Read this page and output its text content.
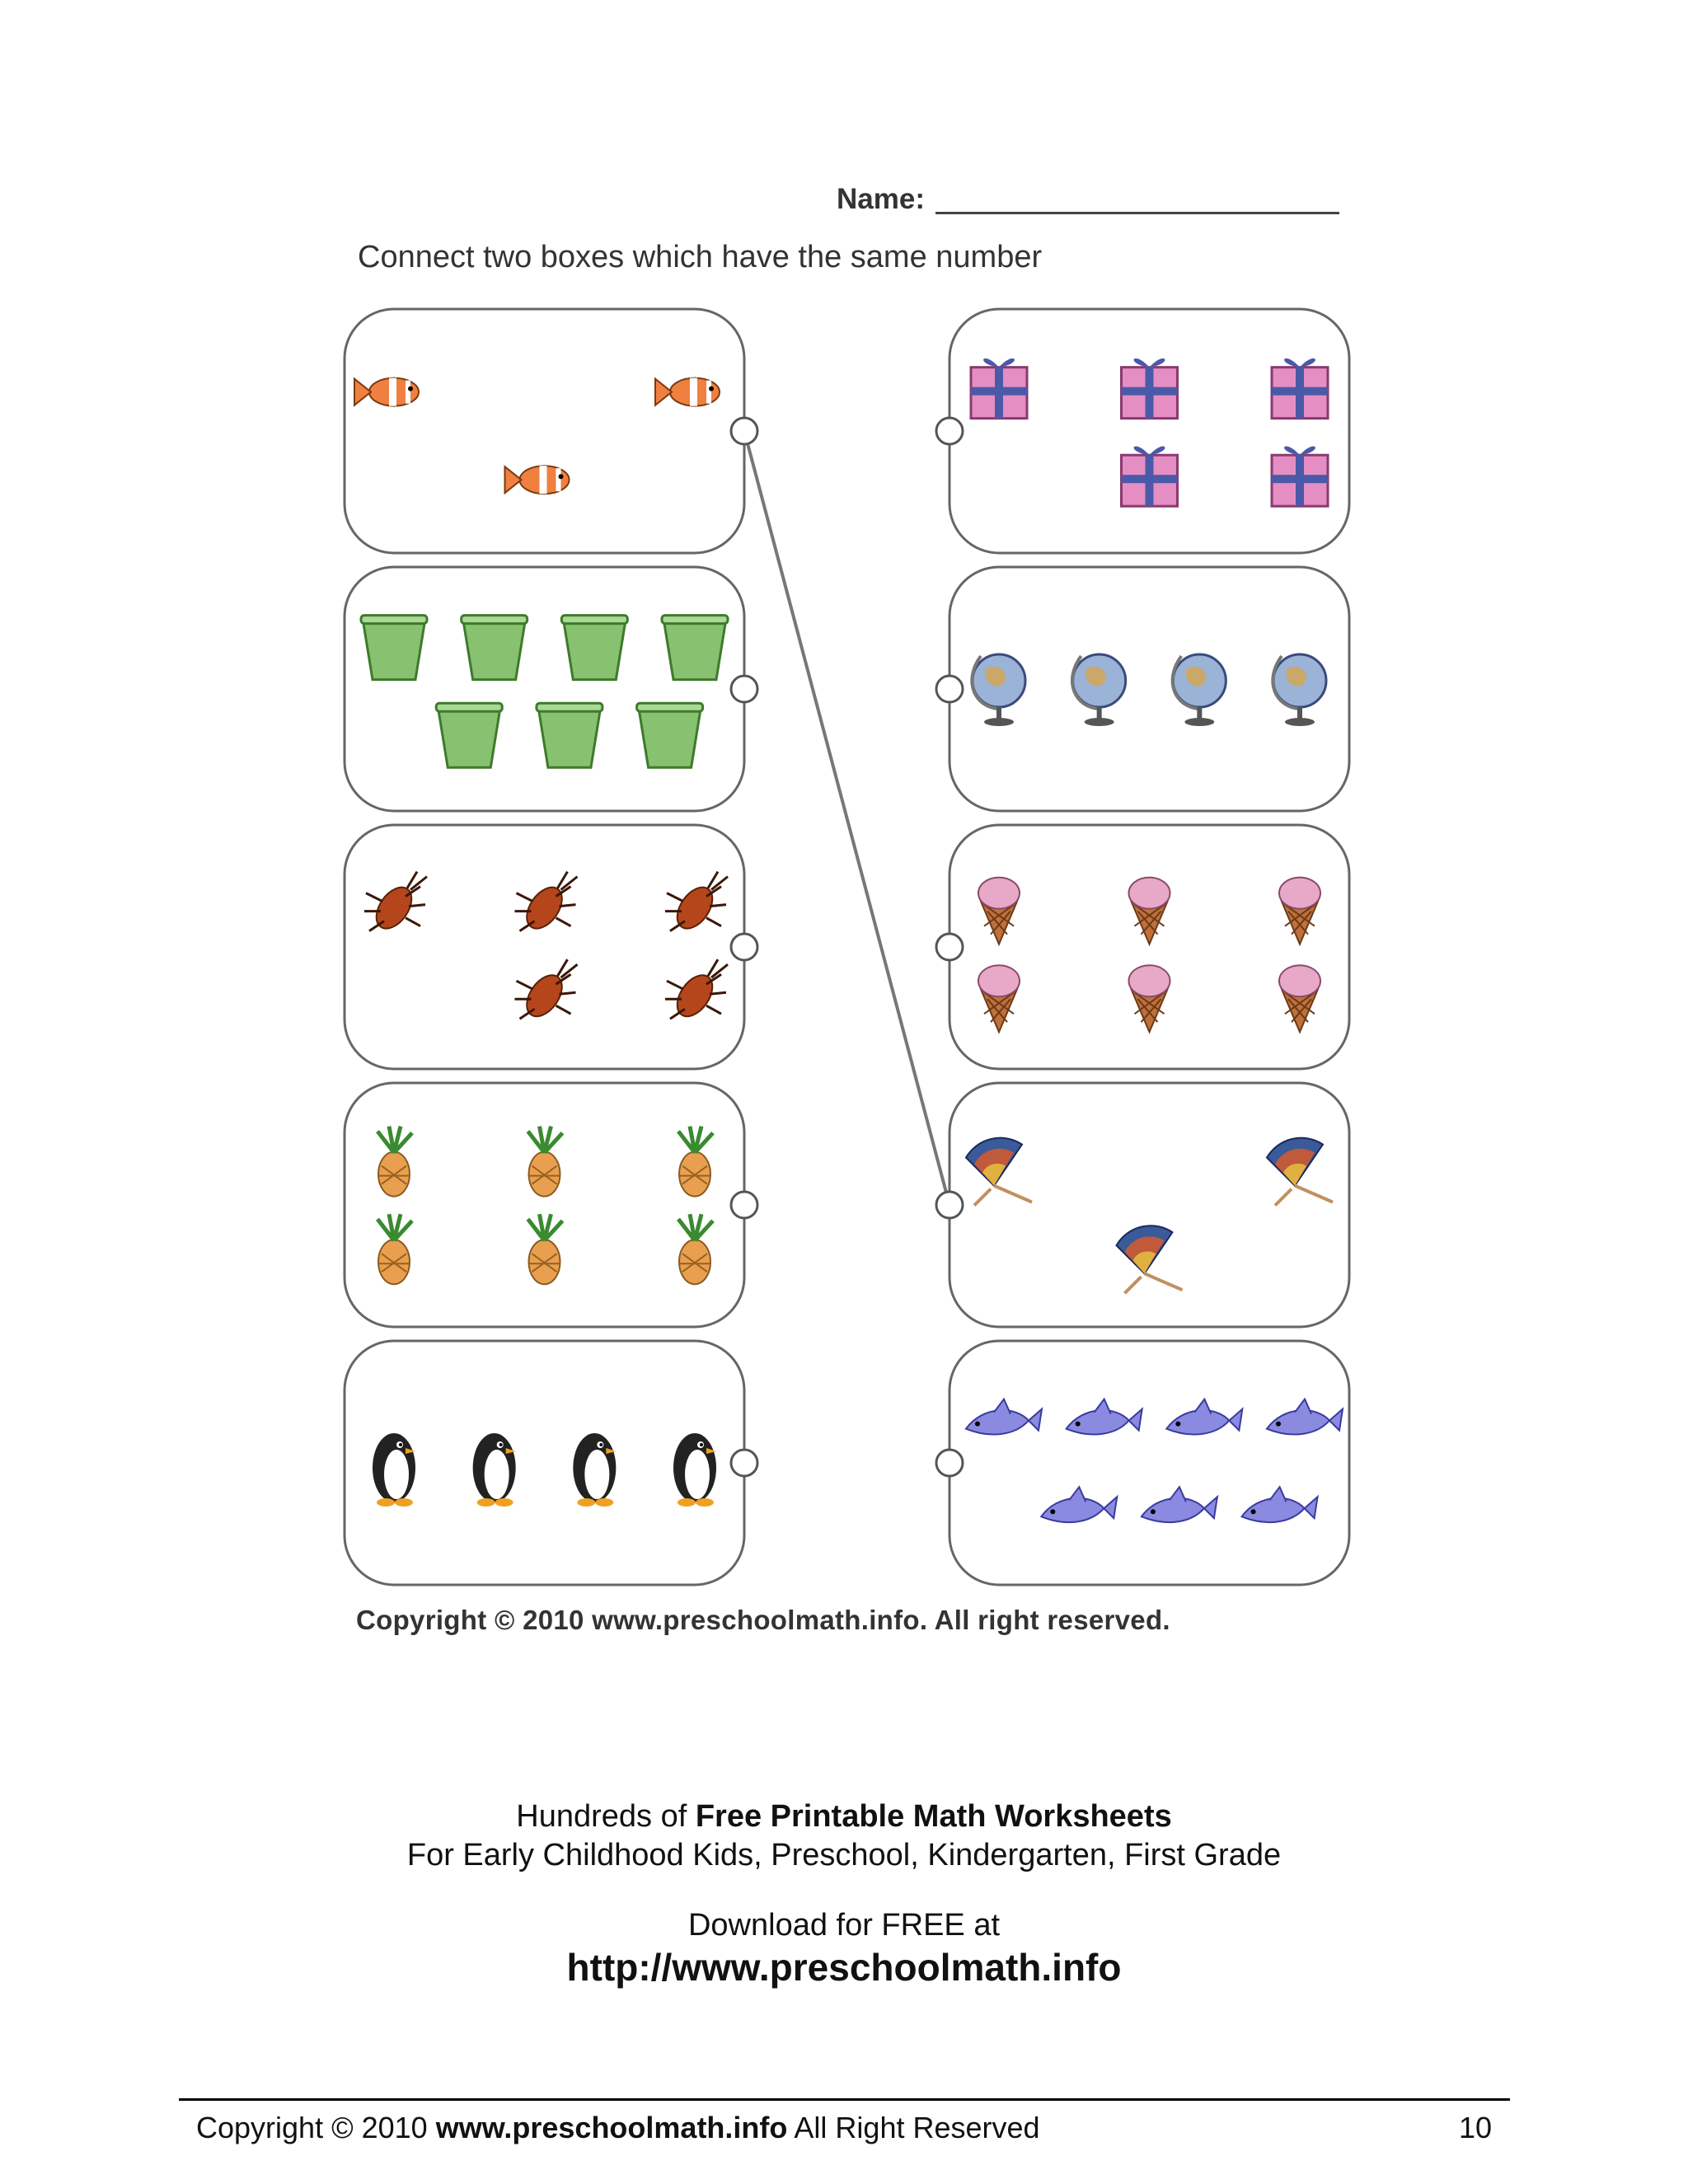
Name:
Connect two boxes which have the same number
Copyright © 2010 www.preschoolmath.info. All right reserved.
Hundreds of Free Printable Math Worksheets
For Early Childhood Kids, Preschool, Kindergarten, First Grade
Download for FREE at
http://www.preschoolmath.info
Copyright © 2010 www.preschoolmath.info All Right Reserved	10
